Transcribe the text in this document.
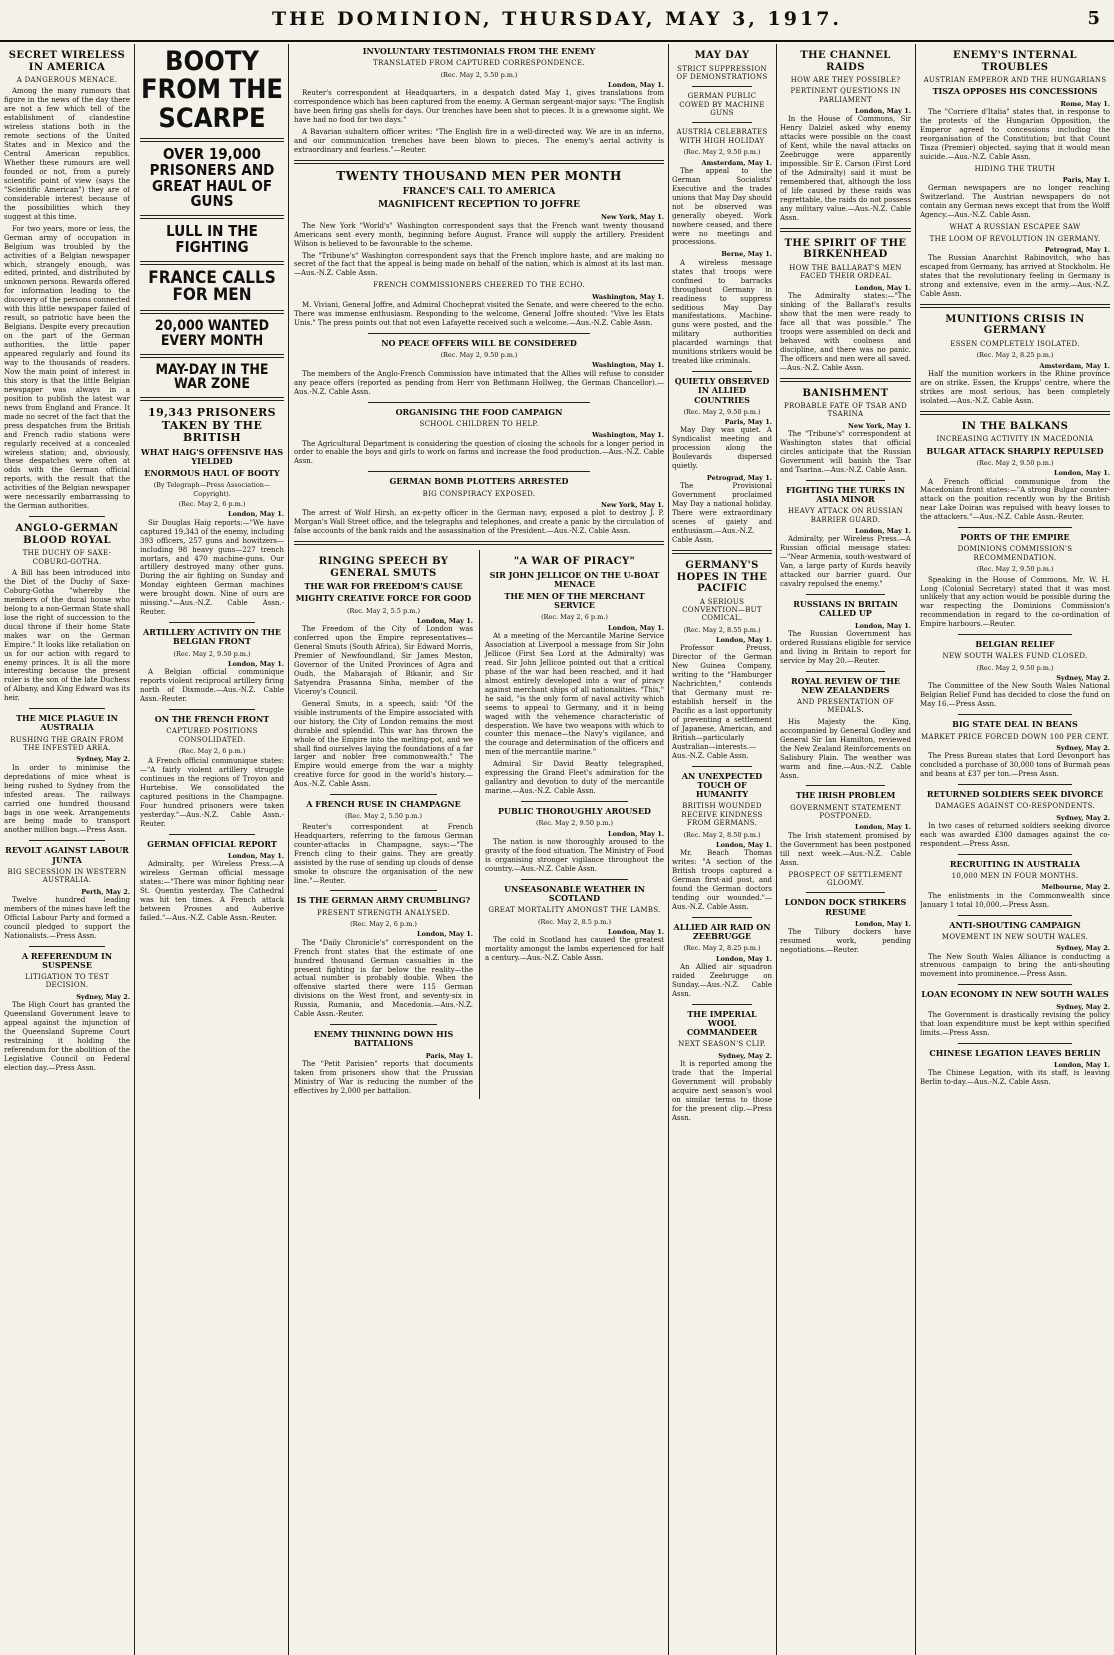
THE DOMINION, THURSDAY, MAY 3, 1917.	5
SECRET WIRELESS IN AMERICA
A DANGEROUS MENACE.

Among the many rumours that figure in the news of the day there are not a few which tell of the establishment of clandestine wireless stations both in the remote sections of the United States and in Mexico and the Central American republics. Whether these rumours are well founded or not, from a purely scientific point of view (says the "Scientific American") they are of considerable interest because of the possibilities which they suggest at this time.

For two years, more or less, the German army of occupation in Belgium was troubled by the activities of a Belgian newspaper which, strangely enough, was edited, printed, and distributed by unknown persons. Rewards offered for information leading to the discovery of the persons connected with this little newspaper failed of result, so patriotic have been the Belgians. Despite every precaution on the part of the German authorities, the little paper appeared regularly and found its way to the thousands of readers. Now the main point of interest in this story is that the little Belgian newspaper was always in a position to publish the latest war news from England and France. It made no secret of the fact that the press despatches from the British and French radio stations were regularly received at a concealed wireless station; and, obviously, these despatches were often at odds with the German official reports, with the result that the activities of the Belgian newspaper were necessarily embarrassing to the German authorities.

ANGLO-GERMAN BLOOD ROYAL
THE DUCHY OF SAXE-COBURG-GOTHA.

A Bill has been introduced into the Diet of the Duchy of Saxe-Coburg-Gotha "whereby the members of the ducal house who belong to a non-German State shall lose the right of succession to the ducal throne if their home State makes war on the German Empire." It looks like retaliation on us for our action with regard to enemy princes. It is all the more interesting because the present ruler is the son of the late Duchess of Albany, and King Edward was its heir.

THE MICE PLAGUE IN AUSTRALIA
RUSHING THE GRAIN FROM THE INFESTED AREA.
Sydney, May 2.

In order to minimise the depredations of mice wheat is being rushed to Sydney from the infested areas. The railways carried one hundred thousand bags in one week. Arrangements are being made to transport another million bags.—Press Assn.

REVOLT AGAINST LABOUR JUNTA
BIG SECESSION IN WESTERN AUSTRALIA.
Perth, May 2.

Twelve hundred leading members of the mines have left the Official Labour Party and formed a council pledged to support the Nationalists.—Press Assn.

A REFERENDUM IN SUSPENSE
LITIGATION TO TEST DECISION.
Sydney, May 2.

The High Court has granted the Queensland Government leave to appeal against the injunction of the Queensland Supreme Court restraining it holding the referendum for the abolition of the Legislative Council on Federal election day.—Press Assn.

BOOTY FROM THE SCARPE
OVER 19,000 PRISONERS AND GREAT HAUL OF GUNS
LULL IN THE FIGHTING
FRANCE CALLS FOR MEN
20,000 WANTED EVERY MONTH
MAY-DAY IN THE WAR ZONE
19,343 PRISONERS TAKEN BY THE BRITISH
WHAT HAIG'S OFFENSIVE HAS YIELDED
ENORMOUS HAUL OF BOOTY
(By Telegraph—Press Association—Copyright).
(Rec. May 2, 6 p.m.)
London, May 1.

Sir Douglas Haig reports:—"We have captured 19,343 of the enemy, including 393 officers, 257 guns and howitzers—including 98 heavy guns—227 trench mortars, and 470 machine-guns. Our artillery destroyed many other guns. During the air fighting on Sunday and Monday eighteen German machines were brought down. Nine of ours are missing."—Aus.-N.Z. Cable Assn.-Reuter.

ARTILLERY ACTIVITY ON THE BELGIAN FRONT
(Rec. May 2, 9.50 p.m.)
London, May 1.

A Belgian official communique reports violent reciprocal artillery firing north of Dixmude.—Aus.-N.Z. Cable Assn.-Reuter.

ON THE FRENCH FRONT
CAPTURED POSITIONS CONSOLIDATED.
(Rec. May 2, 6 p.m.)

A French official communique states:—"A fairly violent artillery struggle continues in the regions of Troyon and Hurtebise. We consolidated the captured positions in the Champagne. Four hundred prisoners were taken yesterday."—Aus.-N.Z. Cable Assn.-Reuter.

GERMAN OFFICIAL REPORT
London, May 1.

Admiralty, per Wireless Press.—A wireless German official message states:—"There was minor fighting near St. Quentin yesterday. The Cathedral was hit ten times. A French attack between Prosnes and Auberive failed."—Aus.-N.Z. Cable Assn.-Reuter.

INVOLUNTARY TESTIMONIALS FROM THE ENEMY
TRANSLATED FROM CAPTURED CORRESPONDENCE.
(Rec. May 2, 5.50 p.m.)
London, May 1.

Reuter's correspondent at Headquarters, in a despatch dated May 1, gives translations from correspondence which has been captured from the enemy. A German sergeant-major says: "The English have been firing gas shells for days. Our trenches have been shot to pieces. It is a grewsome sight. We have had no food for two days."

A Bavarian subaltern officer writes: "The English fire in a well-directed way. We are in an inferno, and our communication trenches have been blown to pieces. The enemy's aerial activity is extraordinary and fearless."—Reuter.

TWENTY THOUSAND MEN PER MONTH
FRANCE'S CALL TO AMERICA
MAGNIFICENT RECEPTION TO JOFFRE
New York, May 1.

The New York "World's" Washington correspondent says that the French want twenty thousand Americans sent every month, beginning before August. France will supply the artillery. President Wilson is believed to be favourable to the scheme.

The "Tribune's" Washington correspondent says that the French implore haste, and are making no secret of the fact that the appeal is being made on behalf of the nation, which is almost at its last man.—Aus.-N.Z. Cable Assn.

FRENCH COMMISSIONERS CHEERED TO THE ECHO.
Washington, May 1.

M. Viviani, General Joffre, and Admiral Chocheprat visited the Senate, and were cheered to the echo. There was immense enthusiasm. Responding to the welcome, General Joffre shouted: "Vive les Etats Unis." The press points out that not even Lafayette received such a welcome.—Aus.-N.Z. Cable Assn.

NO PEACE OFFERS WILL BE CONSIDERED
(Rec. May 2, 9.50 p.m.)
Washington, May 1.

The members of the Anglo-French Commission have intimated that the Allies will refuse to consider any peace offers (reported as pending from Herr von Bethmann Hollweg, the German Chancellor).—Aus.-N.Z. Cable Assn.

ORGANISING THE FOOD CAMPAIGN
SCHOOL CHILDREN TO HELP.
Washington, May 1.

The Agricultural Department is considering the question of closing the schools for a longer period in order to enable the boys and girls to work on farms and increase the food production.—Aus.-N.Z. Cable Assn.

GERMAN BOMB PLOTTERS ARRESTED
BIG CONSPIRACY EXPOSED.
New York, May 1.

The arrest of Wolf Hirsh, an ex-petty officer in the German navy, exposed a plot to destroy J. P. Morgan's Wall Street office, and the telegraphs and telephones, and create a panic by the circulation of false accounts of the bank raids and the assassination of the President.—Aus.-N.Z. Cable Assn.

RINGING SPEECH BY GENERAL SMUTS
THE WAR FOR FREEDOM'S CAUSE
MIGHTY CREATIVE FORCE FOR GOOD
(Rec. May 2, 5.5 p.m.)
London, May 1.

The Freedom of the City of London was conferred upon the Empire representatives—General Smuts (South Africa), Sir Edward Morris, Premier of Newfoundland, Sir James Meston, Governor of the United Provinces of Agra and Oudh, the Maharajah of Bikanir, and Sir Satyendra Prasanna Sinha, member of the Viceroy's Council.

General Smuts, in a speech, said: "Of the visible instruments of the Empire associated with our history, the City of London remains the most durable and splendid. This war has thrown the whole of the Empire into the melting-pot, and we shall find ourselves laying the foundations of a far larger and nobler free commonwealth." The Empire would emerge from the war a mighty creative force for good in the world's history.—Aus.-N.Z. Cable Assn.

A FRENCH RUSE IN CHAMPAGNE
(Rec. May 2, 5.50 p.m.)

Reuter's correspondent at French Headquarters, referring to the famous German counter-attacks in Champagne, says:—"The French cling to their gains. They are greatly assisted by the ruse of sending up clouds of dense smoke to obscure the organisation of the new line."—Reuter.

IS THE GERMAN ARMY CRUMBLING?
PRESENT STRENGTH ANALYSED.
(Rec. May 2, 6 p.m.)
London, May 1.

The "Daily Chronicle's" correspondent on the French front states that the estimate of one hundred thousand German casualties in the present fighting is far below the reality—the actual number is probably double. When the offensive started there were 115 German divisions on the West front, and seventy-six in Russia, Rumania, and Macedonia.—Aus.-N.Z. Cable Assn.-Reuter.

ENEMY THINNING DOWN HIS BATTALIONS
Paris, May 1.

The "Petit Parisien" reports that documents taken from prisoners show that the Prussian Ministry of War is reducing the number of the effectives by 2,000 per battalion.

"A WAR OF PIRACY"
SIR JOHN JELLICOE ON THE U-BOAT MENACE
THE MEN OF THE MERCHANT SERVICE
(Rec. May 2, 6 p.m.)
London, May 1.

At a meeting of the Mercantile Marine Service Association at Liverpool a message from Sir John Jellicoe (First Sea Lord at the Admiralty) was read. Sir John Jellicoe pointed out that a critical phase of the war had been reached, and it had almost entirely developed into a war of piracy against merchant ships of all nationalities. "This," he said, "is the only form of naval activity which seems to appeal to Germany, and it is being waged with the vehemence characteristic of desperation. We have two weapons with which to counter this menace—the Navy's vigilance, and the courage and determination of the officers and men of the mercantile marine."

Admiral Sir David Beatty telegraphed, expressing the Grand Fleet's admiration for the gallantry and devotion to duty of the mercantile marine.—Aus.-N.Z. Cable Assn.

PUBLIC THOROUGHLY AROUSED
(Rec. May 2, 9.50 p.m.)
London, May 1.

The nation is now thoroughly aroused to the gravity of the food situation. The Ministry of Food is organising stronger vigilance throughout the country.—Aus.-N.Z. Cable Assn.

UNSEASONABLE WEATHER IN SCOTLAND
GREAT MORTALITY AMONGST THE LAMBS.
(Rec. May 2, 8.5 p.m.)
London, May 1.

The cold in Scotland has caused the greatest mortality amongst the lambs experienced for half a century.—Aus.-N.Z. Cable Assn.

MAY DAY
STRICT SUPPRESSION OF DEMONSTRATIONS
GERMAN PUBLIC COWED BY MACHINE GUNS
AUSTRIA CELEBRATES WITH HIGH HOLIDAY
(Rec. May 2, 9.50 p.m.)
Amsterdam, May 1.

The appeal to the German Socialists' Executive and the trades unions that May Day should not be observed was generally obeyed. Work nowhere ceased, and there were no meetings and processions.

Berne, May 1.

A wireless message states that troops were confined to barracks throughout Germany in readiness to suppress seditious May Day manifestations. Machine-guns were posted, and the military authorities placarded warnings that munitions strikers would be treated like criminals.

QUIETLY OBSERVED IN ALLIED COUNTRIES
(Rec. May 2, 9.50 p.m.)
Paris, May 1.

May Day was quiet. A Syndicalist meeting and procession along the Boulevards dispersed quietly.

Petrograd, May 1.

The Provisional Government proclaimed May Day a national holiday. There were extraordinary scenes of gaiety and enthusiasm.—Aus.-N.Z. Cable Assn.

GERMANY'S HOPES IN THE PACIFIC
A SERIOUS CONVENTION—BUT COMICAL.
(Rec. May 2, 8.55 p.m.)
London, May 1.

Professor Preuss, Director of the German New Guinea Company, writing to the "Hamburger Nachrichten," contends that Germany must re-establish herself in the Pacific as a last opportunity of preventing a settlement of Japanese, American, and British—particularly Australian—interests.—Aus.-N.Z. Cable Assn.

AN UNEXPECTED TOUCH OF HUMANITY
BRITISH WOUNDED RECEIVE KINDNESS FROM GERMANS.
(Rec. May 2, 8.50 p.m.)
London, May 1.

Mr. Beach Thomas writes: "A section of the British troops captured a German first-aid post, and found the German doctors tending our wounded."—Aus.-N.Z. Cable Assn.

ALLIED AIR RAID ON ZEEBRUGGE
(Rec. May 2, 8.25 p.m.)
London, May 1.

An Allied air squadron raided Zeebrugge on Sunday.—Aus.-N.Z. Cable Assn.

THE IMPERIAL WOOL COMMANDEER
NEXT SEASON'S CLIP.
Sydney, May 2.

It is reported among the trade that the Imperial Government will probably acquire next season's wool on similar terms to those for the present clip.—Press Assn.

THE CHANNEL RAIDS
HOW ARE THEY POSSIBLE?
PERTINENT QUESTIONS IN PARLIAMENT
London, May 1.

In the House of Commons, Sir Henry Dalziel asked why enemy attacks were possible on the coast of Kent, while the naval attacks on Zeebrugge were apparently impossible. Sir E. Carson (First Lord of the Admiralty) said it must be remembered that, although the loss of life caused by these raids was regrettable, the raids do not possess any military value.—Aus.-N.Z. Cable Assn.

THE SPIRIT OF THE BIRKENHEAD
HOW THE BALLARAT'S MEN FACED THEIR ORDEAL
London, May 1.

The Admiralty states:—"The sinking of the Ballarat's results show that the men were ready to face all that was possible." The troops were assembled on deck and behaved with coolness and discipline, and there was no panic. The officers and men were all saved.—Aus.-N.Z. Cable Assn.

BANISHMENT
PROBABLE FATE OF TSAR AND TSARINA
New York, May 1.

The "Tribune's" correspondent at Washington states that official circles anticipate that the Russian Government will banish the Tsar and Tsarina.—Aus.-N.Z. Cable Assn.

FIGHTING THE TURKS IN ASIA MINOR
HEAVY ATTACK ON RUSSIAN BARRIER GUARD.
London, May 1.

Admiralty, per Wireless Press.—A Russian official message states:—"Near Armenia, south-westward of Van, a large party of Kurds heavily attacked our barrier guard. Our cavalry repulsed the enemy."

RUSSIANS IN BRITAIN CALLED UP
London, May 1.

The Russian Government has ordered Russians eligible for service and living in Britain to report for service by May 20.—Reuter.

ROYAL REVIEW OF THE NEW ZEALANDERS
AND PRESENTATION OF MEDALS.

His Majesty the King, accompanied by General Godley and General Sir Ian Hamilton, reviewed the New Zealand Reinforcements on Salisbury Plain. The weather was warm and fine.—Aus.-N.Z. Cable Assn.

THE IRISH PROBLEM
GOVERNMENT STATEMENT POSTPONED.
London, May 1.

The Irish statement promised by the Government has been postponed till next week.—Aus.-N.Z. Cable Assn.

PROSPECT OF SETTLEMENT GLOOMY.
LONDON DOCK STRIKERS RESUME
London, May 1.

The Tilbury dockers have resumed work, pending negotiations.—Reuter.

ENEMY'S INTERNAL TROUBLES
AUSTRIAN EMPEROR AND THE HUNGARIANS
TISZA OPPOSES HIS CONCESSIONS
Rome, May 1.

The "Corriere d'Italia" states that, in response to the protests of the Hungarian Opposition, the Emperor agreed to concessions including the reorganisation of the Constitution; but that Count Tisza (Premier) objected, saying that it would mean suicide.—Aus.-N.Z. Cable Assn.

HIDING THE TRUTH
Paris, May 1.

German newspapers are no longer reaching Switzerland. The Austrian newspapers do not contain any German news except that from the Wolff Agency.—Aus.-N.Z. Cable Assn.

WHAT A RUSSIAN ESCAPEE SAW
THE LOOM OF REVOLUTION IN GERMANY.
Petrograd, May 1.

The Russian Anarchist Rabinovitch, who has escaped from Germany, has arrived at Stockholm. He states that the revolutionary feeling in Germany is strong and extensive, even in the army.—Aus.-N.Z. Cable Assn.

MUNITIONS CRISIS IN GERMANY
ESSEN COMPLETELY ISOLATED.
(Rec. May 2, 8.25 p.m.)
Amsterdam, May 1.

Half the munition workers in the Rhine province are on strike. Essen, the Krupps' centre, where the strikes are most serious, has been completely isolated.—Aus.-N.Z. Cable Assn.

IN THE BALKANS
INCREASING ACTIVITY IN MACEDONIA
BULGAR ATTACK SHARPLY REPULSED
(Rec. May 2, 9.50 p.m.)
London, May 1.

A French official communique from the Macedonian front states:—"A strong Bulgar counter-attack on the position recently won by the British near Lake Doiran was repulsed with heavy losses to the attackers."—Aus.-N.Z. Cable Assn.-Reuter.

PORTS OF THE EMPIRE
DOMINIONS COMMISSION'S RECOMMENDATION.
(Rec. May 2, 9.50 p.m.)

Speaking in the House of Commons, Mr. W. H. Long (Colonial Secretary) stated that it was most unlikely that any action would be possible during the war respecting the Dominions Commission's recommendation in regard to the co-ordination of Empire harbours.—Reuter.

BELGIAN RELIEF
NEW SOUTH WALES FUND CLOSED.
(Rec. May 2, 9.50 p.m.)
Sydney, May 2.

The Committee of the New South Wales National Belgian Relief Fund has decided to close the fund on May 16.—Press Assn.

BIG STATE DEAL IN BEANS
MARKET PRICE FORCED DOWN 100 PER CENT.
Sydney, May 2.

The Press Bureau states that Lord Devonport has concluded a purchase of 30,000 tons of Burmah peas and beans at £37 per ton.—Press Assn.

RETURNED SOLDIERS SEEK DIVORCE
DAMAGES AGAINST CO-RESPONDENTS.
Sydney, May 2.

In two cases of returned soldiers seeking divorce each was awarded £300 damages against the co-respondent.—Press Assn.

RECRUITING IN AUSTRALIA
10,000 MEN IN FOUR MONTHS.
Melbourne, May 2.

The enlistments in the Commonwealth since January 1 total 10,000.—Press Assn.

ANTI-SHOUTING CAMPAIGN
MOVEMENT IN NEW SOUTH WALES.
Sydney, May 2.

The New South Wales Alliance is conducting a strenuous campaign to bring the anti-shouting movement into prominence.—Press Assn.

LOAN ECONOMY IN NEW SOUTH WALES
Sydney, May 2.

The Government is drastically revising the policy that loan expenditure must be kept within specified limits.—Press Assn.

CHINESE LEGATION LEAVES BERLIN
London, May 1.

The Chinese Legation, with its staff, is leaving Berlin to-day.—Aus.-N.Z. Cable Assn.
